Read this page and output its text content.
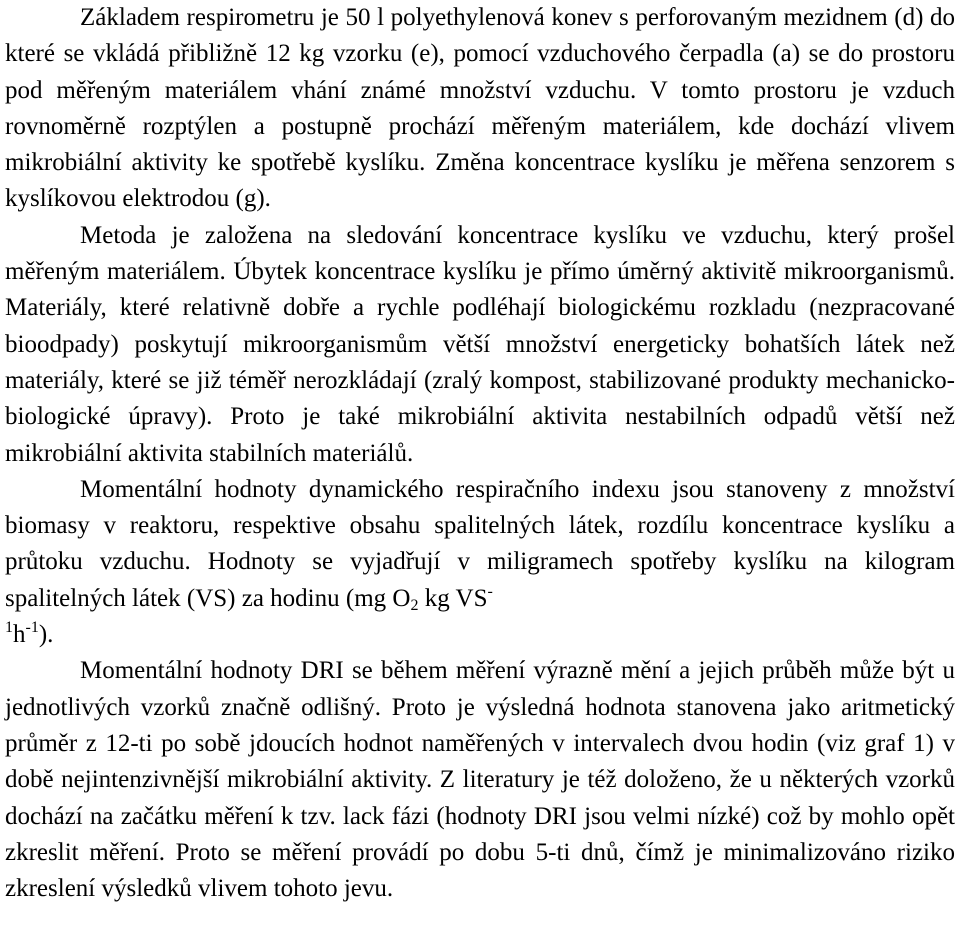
Základem respirometru je 50 l polyethylenová konev s perforovaným mezidnem (d) do které se vkládá přibližně 12 kg vzorku (e), pomocí vzduchového čerpadla (a) se do prostoru pod měřeným materiálem vhání známé množství vzduchu. V tomto prostoru je vzduch rovnoměrně rozptýlen a postupně prochází měřeným materiálem, kde dochází vlivem mikrobiální aktivity ke spotřebě kyslíku. Změna koncentrace kyslíku je měřena senzorem s kyslíkovou elektrodou (g).

Metoda je založena na sledování koncentrace kyslíku ve vzduchu, který prošel měřeným materiálem. Úbytek koncentrace kyslíku je přímo úměrný aktivitě mikroorganismů. Materiály, které relativně dobře a rychle podléhají biologickému rozkladu (nezpracované bioodpady) poskytují mikroorganismům větší množství energeticky bohatších látek než materiály, které se již téměř nerozkládají (zralý kompost, stabilizované produkty mechanicko-biologické úpravy). Proto je také mikrobiální aktivita nestabilních odpadů větší než mikrobiální aktivita stabilních materiálů.

Momentální hodnoty dynamického respiračního indexu jsou stanoveny z množství biomasy v reaktoru, respektive obsahu spalitelných látek, rozdílu koncentrace kyslíku a průtoku vzduchu. Hodnoty se vyjadřují v miligramech spotřeby kyslíku na kilogram spalitelných látek (VS) za hodinu (mg $O_2$ kg VS-
$^1h^{-1}$).

Momentální hodnoty DRI se během měření výrazně mění a jejich průběh může být u jednotlivých vzorků značně odlišný. Proto je výsledná hodnota stanovena jako aritmetický průměr z 12-ti po sobě jdoucích hodnot naměřených v intervalech dvou hodin (viz graf 1) v době nejintenzivnější mikrobiální aktivity. Z literatury je též doloženo, že u některých vzorků dochází na začátku měření k tzv. lack fázi (hodnoty DRI jsou velmi nízké) což by mohlo opět zkreslit měření. Proto se měření provádí po dobu 5-ti dnů, čímž je minimalizováno riziko zkreslení výsledků vlivem tohoto jevu.
